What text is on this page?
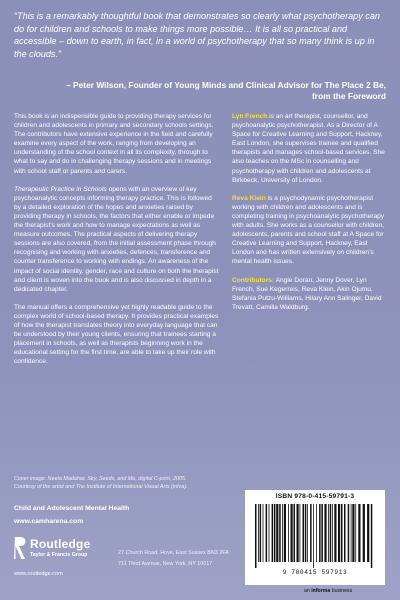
“This is a remarkably thoughtful book that demonstrates so clearly what psychotherapy can do for children and schools to make things more possible… It is all so practical and accessible – down to earth, in fact, in a world of psychotherapy that so many think is up in the clouds.”
– Peter Wilson, Founder of Young Minds and Clinical Advisor for The Place 2 Be, from the Foreword

This book is an indispensible guide to providing therapy services for children and adolescents in primary and secondary schools settings. The contributors have extensive experience in the field and carefully examine every aspect of the work, ranging from developing an understanding of the school context in all its complexity, through to what to say and do in challenging therapy sessions and in meetings with school staff or parents and carers.

Therapeutic Practice in Schools opens with an overview of key psychoanalytic concepts informing therapy practice. This is followed by a detailed exploration of the hopes and anxieties raised by providing therapy in schools, the factors that either enable or impede the therapist’s work and how to manage expectations as well as measure outcomes. The practical aspects of delivering therapy sessions are also covered, from the initial assessment phase through recognising and working with anxieties, defences, transference and counter transference to working with endings. An awareness of the impact of social identity, gender, race and culture on both the therapist and client is woven into the book and is also discussed in depth in a dedicated chapter.

The manual offers a comprehensive yet highly readable guide to the complex world of school-based therapy. It provides practical examples of how the therapist translates theory into everyday language that can be understood by their young clients, ensuring that trainees starting a placement in schools, as well as therapists beginning work in the educational setting for the first time, are able to take up their role with confidence.

Lyn French is an art therapist, counsellor, and psychoanalytic psychotherapist. As a Director of A Space for Creative Learning and Support, Hackney, East London, she supervises trainee and qualified therapists and manages school-based services. She also teaches on the MSc in counselling and psychotherapy with children and adolescents at Birkbeck, University of London.

Reva Klein is a psychodynamic psychotherapist working with children and adolescents and is completing training in psychoanalytic psychotherapy with adults. She works as a counsellor with children, adolescents, parents and school staff at A Space for Creative Learning and Support, Hackney, East London and has written extensively on children’s mental health issues.

Contributors: Angie Doran, Jenny Dover, Lyn French, Sue Kegerreis, Reva Klein, Akin Ojumu, Stefania Putzu-Williams, Hilary Ann Salinger, David Trevatt, Camilla Waldburg.

Cover image: Neeta Madahar, Sky, Seeds, and Me, digital C-print, 2005.
Courtesy of the artist and The Institute of International Visual Arts (inIva).
Child and Adolescent Mental Health
www.camharena.com
Routledge
Taylor & Francis Group
www.routledge.com
27 Church Road, Hove, East Sussex BN3 2FA
711 Third Avenue, New York, NY 10017
ISBN 978-0-415-59791-3
9 780415 597913
an informa business
